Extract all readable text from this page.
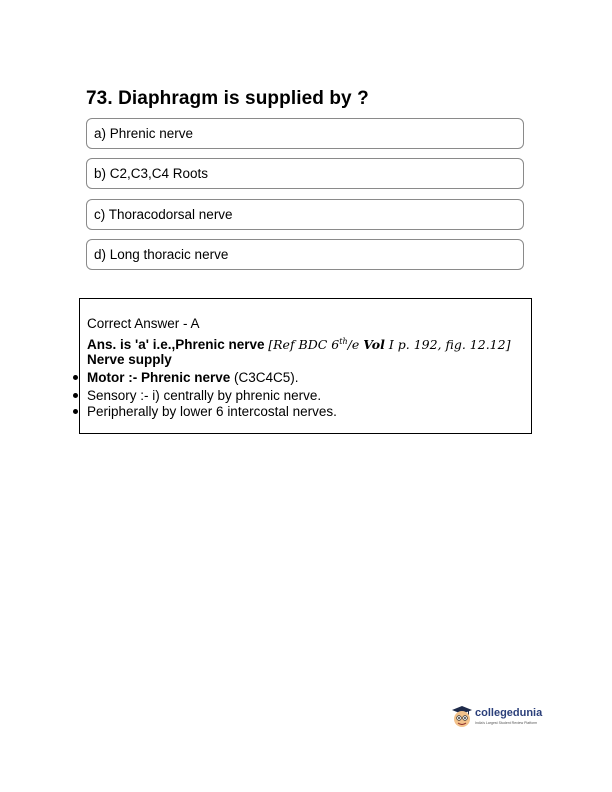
73. Diaphragm is supplied by ?
a) Phrenic nerve
b) C2,C3,C4 Roots
c) Thoracodorsal nerve
d) Long thoracic nerve
Correct Answer - A
Ans. is 'a' i.e.,Phrenic nerve [Ref BDC 6th/e Vol I p. 192, fig. 12.12]
Nerve supply
Motor :- Phrenic nerve (C3C4C5).
Sensory :- i) centrally by phrenic nerve.
Peripherally by lower 6 intercostal nerves.
collegedunia
India's Largest Student Review Platform
